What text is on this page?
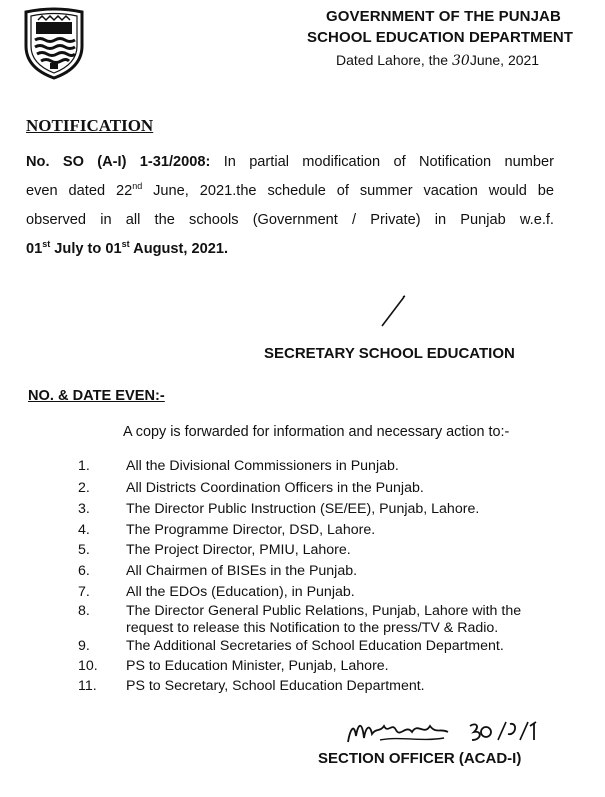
GOVERNMENT OF THE PUNJAB
SCHOOL EDUCATION DEPARTMENT
Dated Lahore, the 30June, 2021
NOTIFICATION
No. SO (A-I) 1-31/2008: In partial modification of Notification number
even dated 22nd June, 2021.the schedule of summer vacation would be
observed in all the schools (Government / Private) in Punjab w.e.f.
01st July to 01st August, 2021.
SECRETARY SCHOOL EDUCATION
NO. & DATE EVEN:-
A copy is forwarded for information and necessary action to:-
1.	All the Divisional Commissioners in Punjab.
2.	All Districts Coordination Officers in the Punjab.
3.	The Director Public Instruction (SE/EE), Punjab, Lahore.
4.	The Programme Director, DSD, Lahore.
5.	The Project Director, PMIU, Lahore.
6.	All Chairmen of BISEs in the Punjab.
7.	All the EDOs (Education), in Punjab.
8.	The Director General Public Relations, Punjab, Lahore with the
request to release this Notification to the press/TV & Radio.
9.	The Additional Secretaries of School Education Department.
10.	PS to Education Minister, Punjab, Lahore.
11.	PS to Secretary, School Education Department.
SECTION OFFICER (ACAD-I)
